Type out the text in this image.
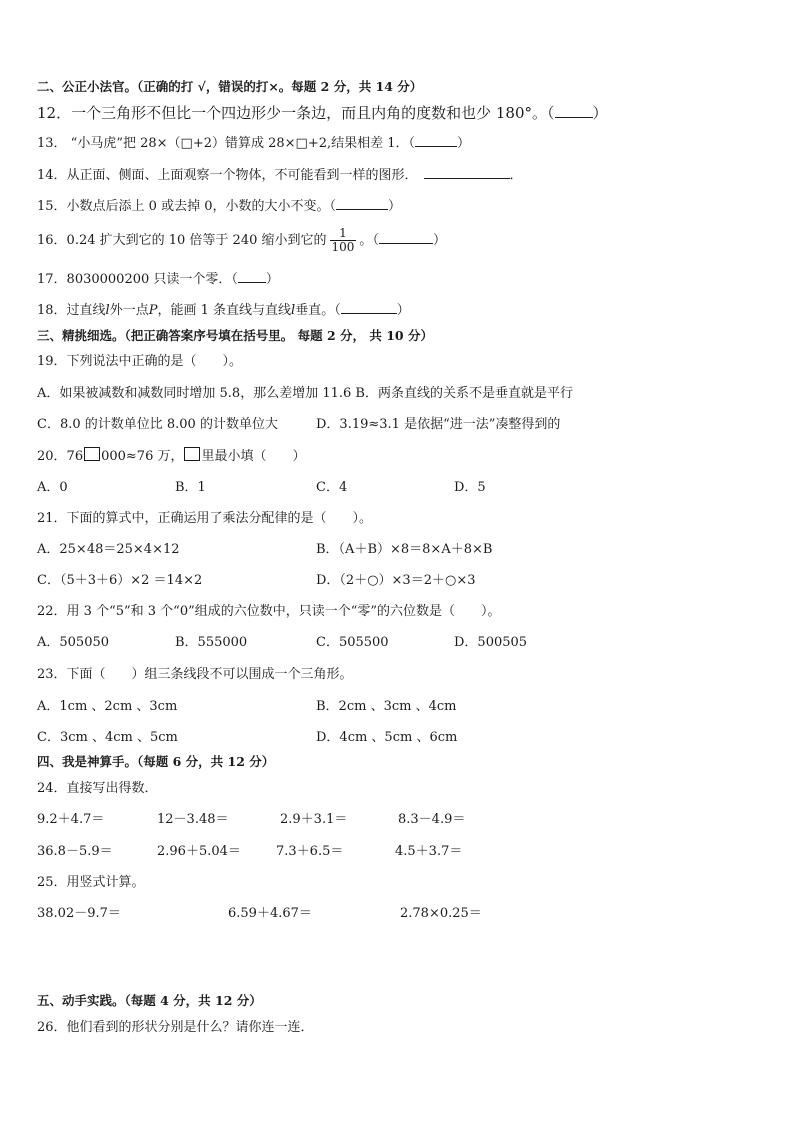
二、公正小法官。（正确的打 √，错误的打×。每题 2 分，共 14 分）
12．一个三角形不但比一个四边形少一条边，而且内角的度数和也少 180°。（	）
13． “小马虎”把 28×（□+2）错算成 28×□+2,结果相差 1．（	）
14．从正面、侧面、上面观察一个物体，不可能看到一样的图形．	．
15．小数点后添上 0 或去掉 0，小数的大小不变。（	）
16．0.24 扩大到它的 10 倍等于 240 缩小到它的 $\frac{1}{100}$ 。（	）
17．8030000200 只读一个零．（ ）
18．过直线l外一点P，能画 1 条直线与直线l垂直。（	）
三、精挑细选。（把正确答案序号填在括号里。 每题 2 分， 共 10 分）
19．下列说法中正确的是（　　）。
A．如果被减数和减数同时增加 5.8，那么差增加 11.6 B．两条直线的关系不是垂直就是平行
C．8.0 的计数单位比 8.00 的计数单位大	D．3.19≈3.1 是依据“进一法”凑整得到的
20．76 000≈76 万， 里最小填（　　）
A．0	B．1	C．4	D．5
21．下面的算式中，正确运用了乘法分配律的是（　　）。
A．25×48＝25×4×12	B．（A＋B）×8＝8×A＋8×B
C．（5＋3＋6）×2 ＝14×2	D．（2＋○）×3＝2＋○×3
22．用 3 个“5”和 3 个“0”组成的六位数中，只读一个“零”的六位数是（　　）。
A．505050	B．555000	C．505500	D．500505
23．下面（　　）组三条线段不可以围成一个三角形。
A．1cm 、2cm 、3cm	B．2cm 、3cm 、4cm
C．3cm 、4cm 、5cm	D．4cm 、5cm 、6cm
四、我是神算手。（每题 6 分，共 12 分）
24．直接写出得数．
9.2＋4.7＝	12－3.48＝	2.9＋3.1＝	8.3－4.9＝
36.8－5.9＝	2.96＋5.04＝	7.3＋6.5＝	4.5＋3.7＝
25．用竖式计算。
38.02－9.7＝	6.59＋4.67＝	2.78×0.25＝
五、动手实践。（每题 4 分，共 12 分）
26．他们看到的形状分别是什么？请你连一连．
